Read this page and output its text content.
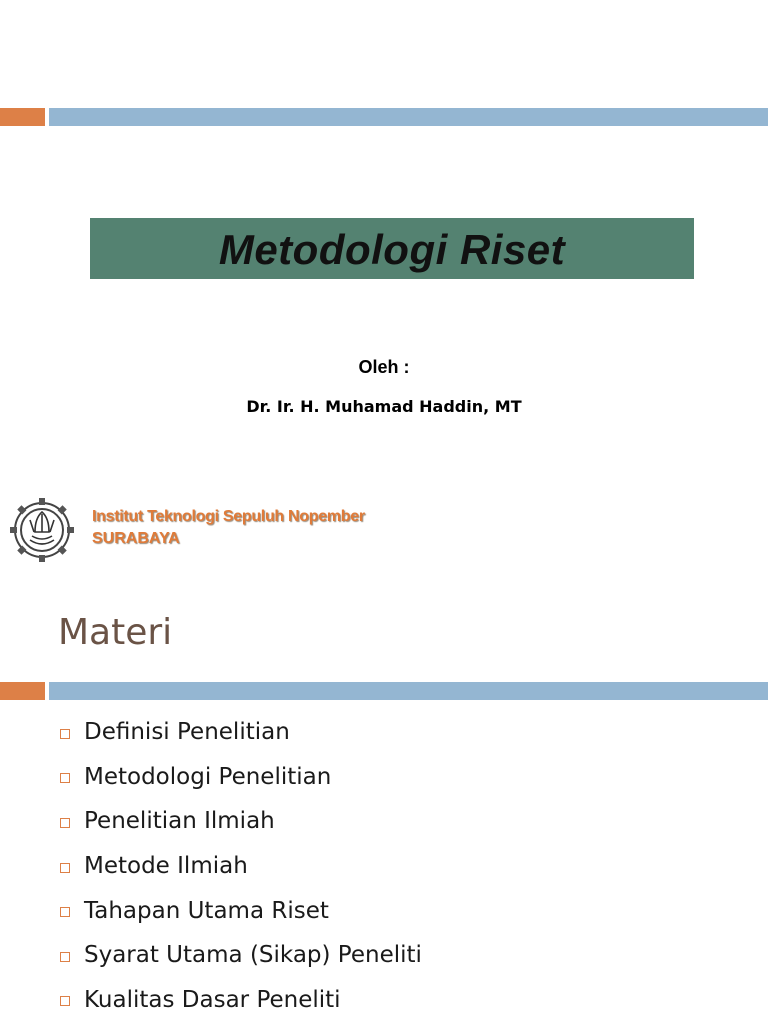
Metodologi Riset
Oleh :
Dr. Ir. H. Muhamad Haddin, MT
Institut Teknologi Sepuluh Nopember
SURABAYA
Materi
Definisi Penelitian
Metodologi Penelitian
Penelitian Ilmiah
Metode Ilmiah
Tahapan Utama Riset
Syarat Utama (Sikap) Peneliti
Kualitas Dasar Peneliti
